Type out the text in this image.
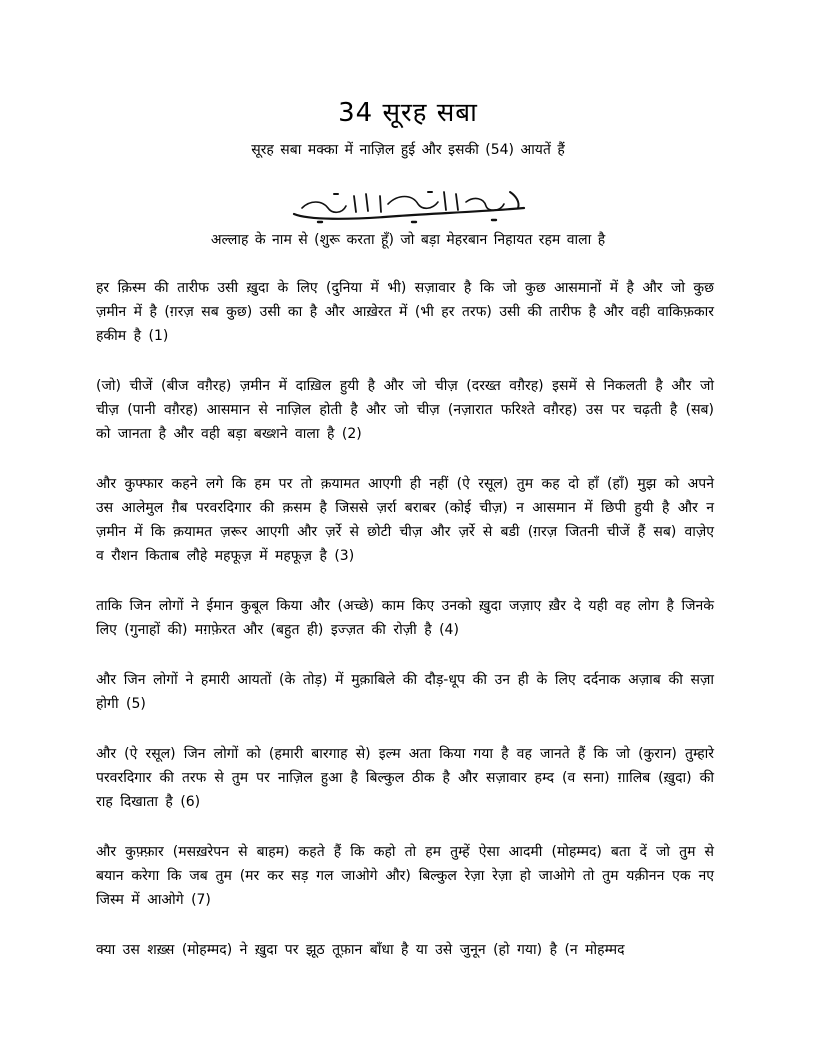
34 सूरह सबा
सूरह सबा मक्का में नाज़िल हुई और इसकी (54) आयतें हैं
अल्लाह के नाम से (शुरू करता हूँ) जो बड़ा मेहरबान निहायत रहम वाला है

हर क़िस्म की तारीफ उसी ख़ुदा के लिए (दुनिया में भी) सज़ावार है कि जो कुछ आसमानों में है और जो कुछ ज़मीन में है (ग़रज़ सब कुछ) उसी का है और आख़ेरत में (भी हर तरफ) उसी की तारीफ है और वही वाकिफ़कार हकीम है (1)

(जो) चीजें (बीज वग़ैरह) ज़मीन में दाख़िल हुयी है और जो चीज़ (दरख्त वग़ैरह) इसमें से निकलती है और जो चीज़ (पानी वग़ैरह) आसमान से नाज़िल होती है और जो चीज़ (नज़ारात फरिश्ते वग़ैरह) उस पर चढ़ती है (सब) को जानता है और वही बड़ा बख्शने वाला है (2)

और कुफ्फार कहने लगे कि हम पर तो क़यामत आएगी ही नहीं (ऐ रसूल) तुम कह दो हाँ (हाँ) मुझ को अपने उस आलेमुल ग़ैब परवरदिगार की क़सम है जिससे ज़र्रा बराबर (कोई चीज़) न आसमान में छिपी हुयी है और न ज़मीन में कि क़यामत ज़रूर आएगी और ज़र्रे से छोटी चीज़ और ज़र्रे से बडी (ग़रज़ जितनी चीजें हैं सब) वाज़ेए व रौशन किताब लौहे महफूज़ में महफूज़ है (3)

ताकि जिन लोगों ने ईमान कुबूल किया और (अच्छे) काम किए उनको ख़ुदा जज़ाए ख़ैर दे यही वह लोग है जिनके लिए (गुनाहों की) मग़फ़ेरत और (बहुत ही) इज्ज़त की रोज़ी है (4)

और जिन लोगों ने हमारी आयतों (के तोड़) में मुक़ाबिले की दौड़-धूप की उन ही के लिए दर्दनाक अज़ाब की सज़ा होगी (5)

और (ऐ रसूल) जिन लोगों को (हमारी बारगाह से) इल्म अता किया गया है वह जानते हैं कि जो (कुरान) तुम्हारे परवरदिगार की तरफ से तुम पर नाज़िल हुआ है बिल्कुल ठीक है और सज़ावार हम्द (व सना) ग़ालिब (ख़ुदा) की राह दिखाता है (6)

और कुफ़्फ़ार (मसख़रेपन से बाहम) कहते हैं कि कहो तो हम तुम्हें ऐसा आदमी (मोहम्मद) बता दें जो तुम से बयान करेगा कि जब तुम (मर कर सड़ गल जाओगे और) बिल्कुल रेज़ा रेज़ा हो जाओगे तो तुम यक़ीनन एक नए जिस्म में आओगे (7)

क्या उस शख़्स (मोहम्मद) ने ख़ुदा पर झूठ तूफ़ान बाँधा है या उसे जुनून (हो गया) है (न मोहम्मद
